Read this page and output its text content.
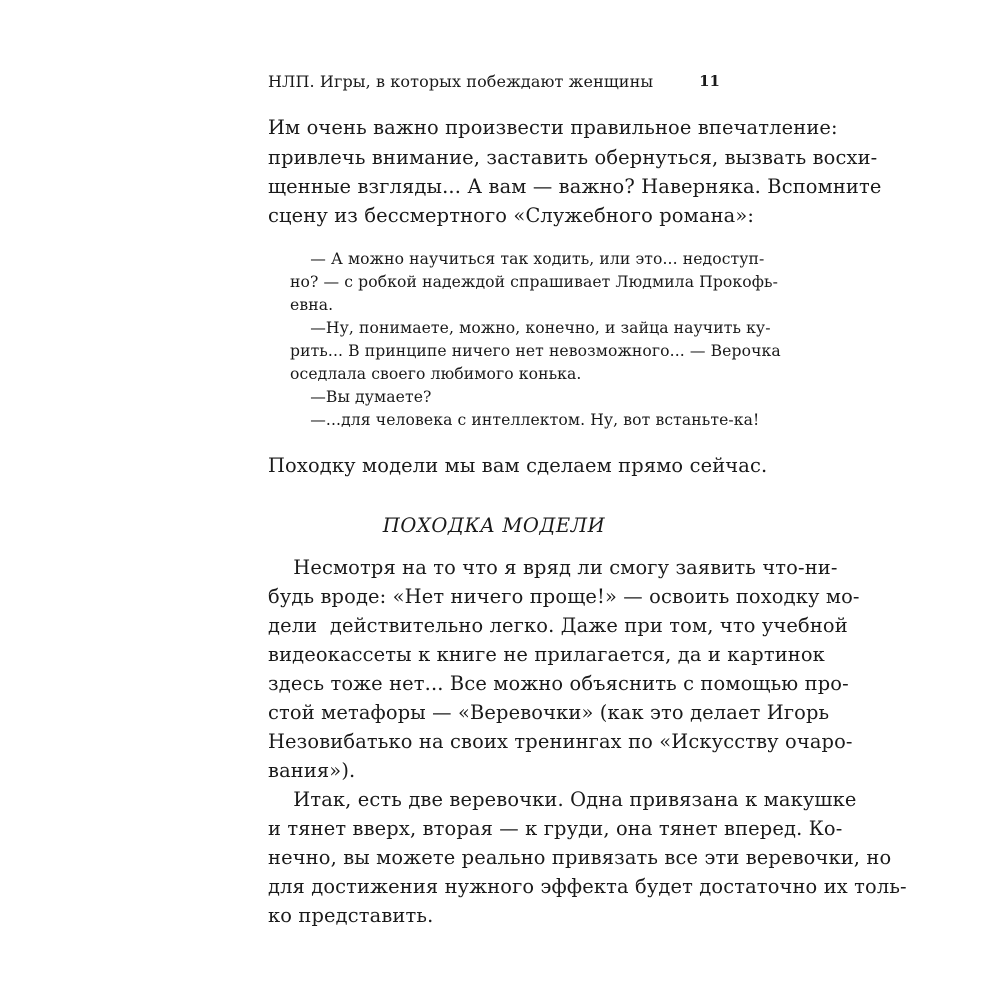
НЛП. Игры, в которых побеждают женщины	11
Им очень важно произвести правильное впечатление:
привлечь внимание, заставить обернуться, вызвать восхи-
щенные взгляды... А вам — важно? Наверняка. Вспомните
сцену из бессмертного «Служебного романа»:
— А можно научиться так ходить, или это... недоступ-
но? — с робкой надеждой спрашивает Людмила Прокофь-
евна.
—Ну, понимаете, можно, конечно, и зайца научить ку-
рить... В принципе ничего нет невозможного... — Верочка
оседлала своего любимого конька.
—Вы думаете?
—...для человека с интеллектом. Ну, вот встаньте-ка!
Походку модели мы вам сделаем прямо сейчас.
ПОХОДКА МОДЕЛИ
Несмотря на то что я вряд ли смогу заявить что-ни-
будь вроде: «Нет ничего проще!» — освоить походку мо-
дели  действительно легко. Даже при том, что учебной
видеокассеты к книге не прилагается, да и картинок
здесь тоже нет... Все можно объяснить с помощью про-
стой метафоры — «Веревочки» (как это делает Игорь
Незовибатько на своих тренингах по «Искусству очаро-
вания»).
Итак, есть две веревочки. Одна привязана к макушке
и тянет вверх, вторая — к груди, она тянет вперед. Ко-
нечно, вы можете реально привязать все эти веревочки, но
для достижения нужного эффекта будет достаточно их толь-
ко представить.
